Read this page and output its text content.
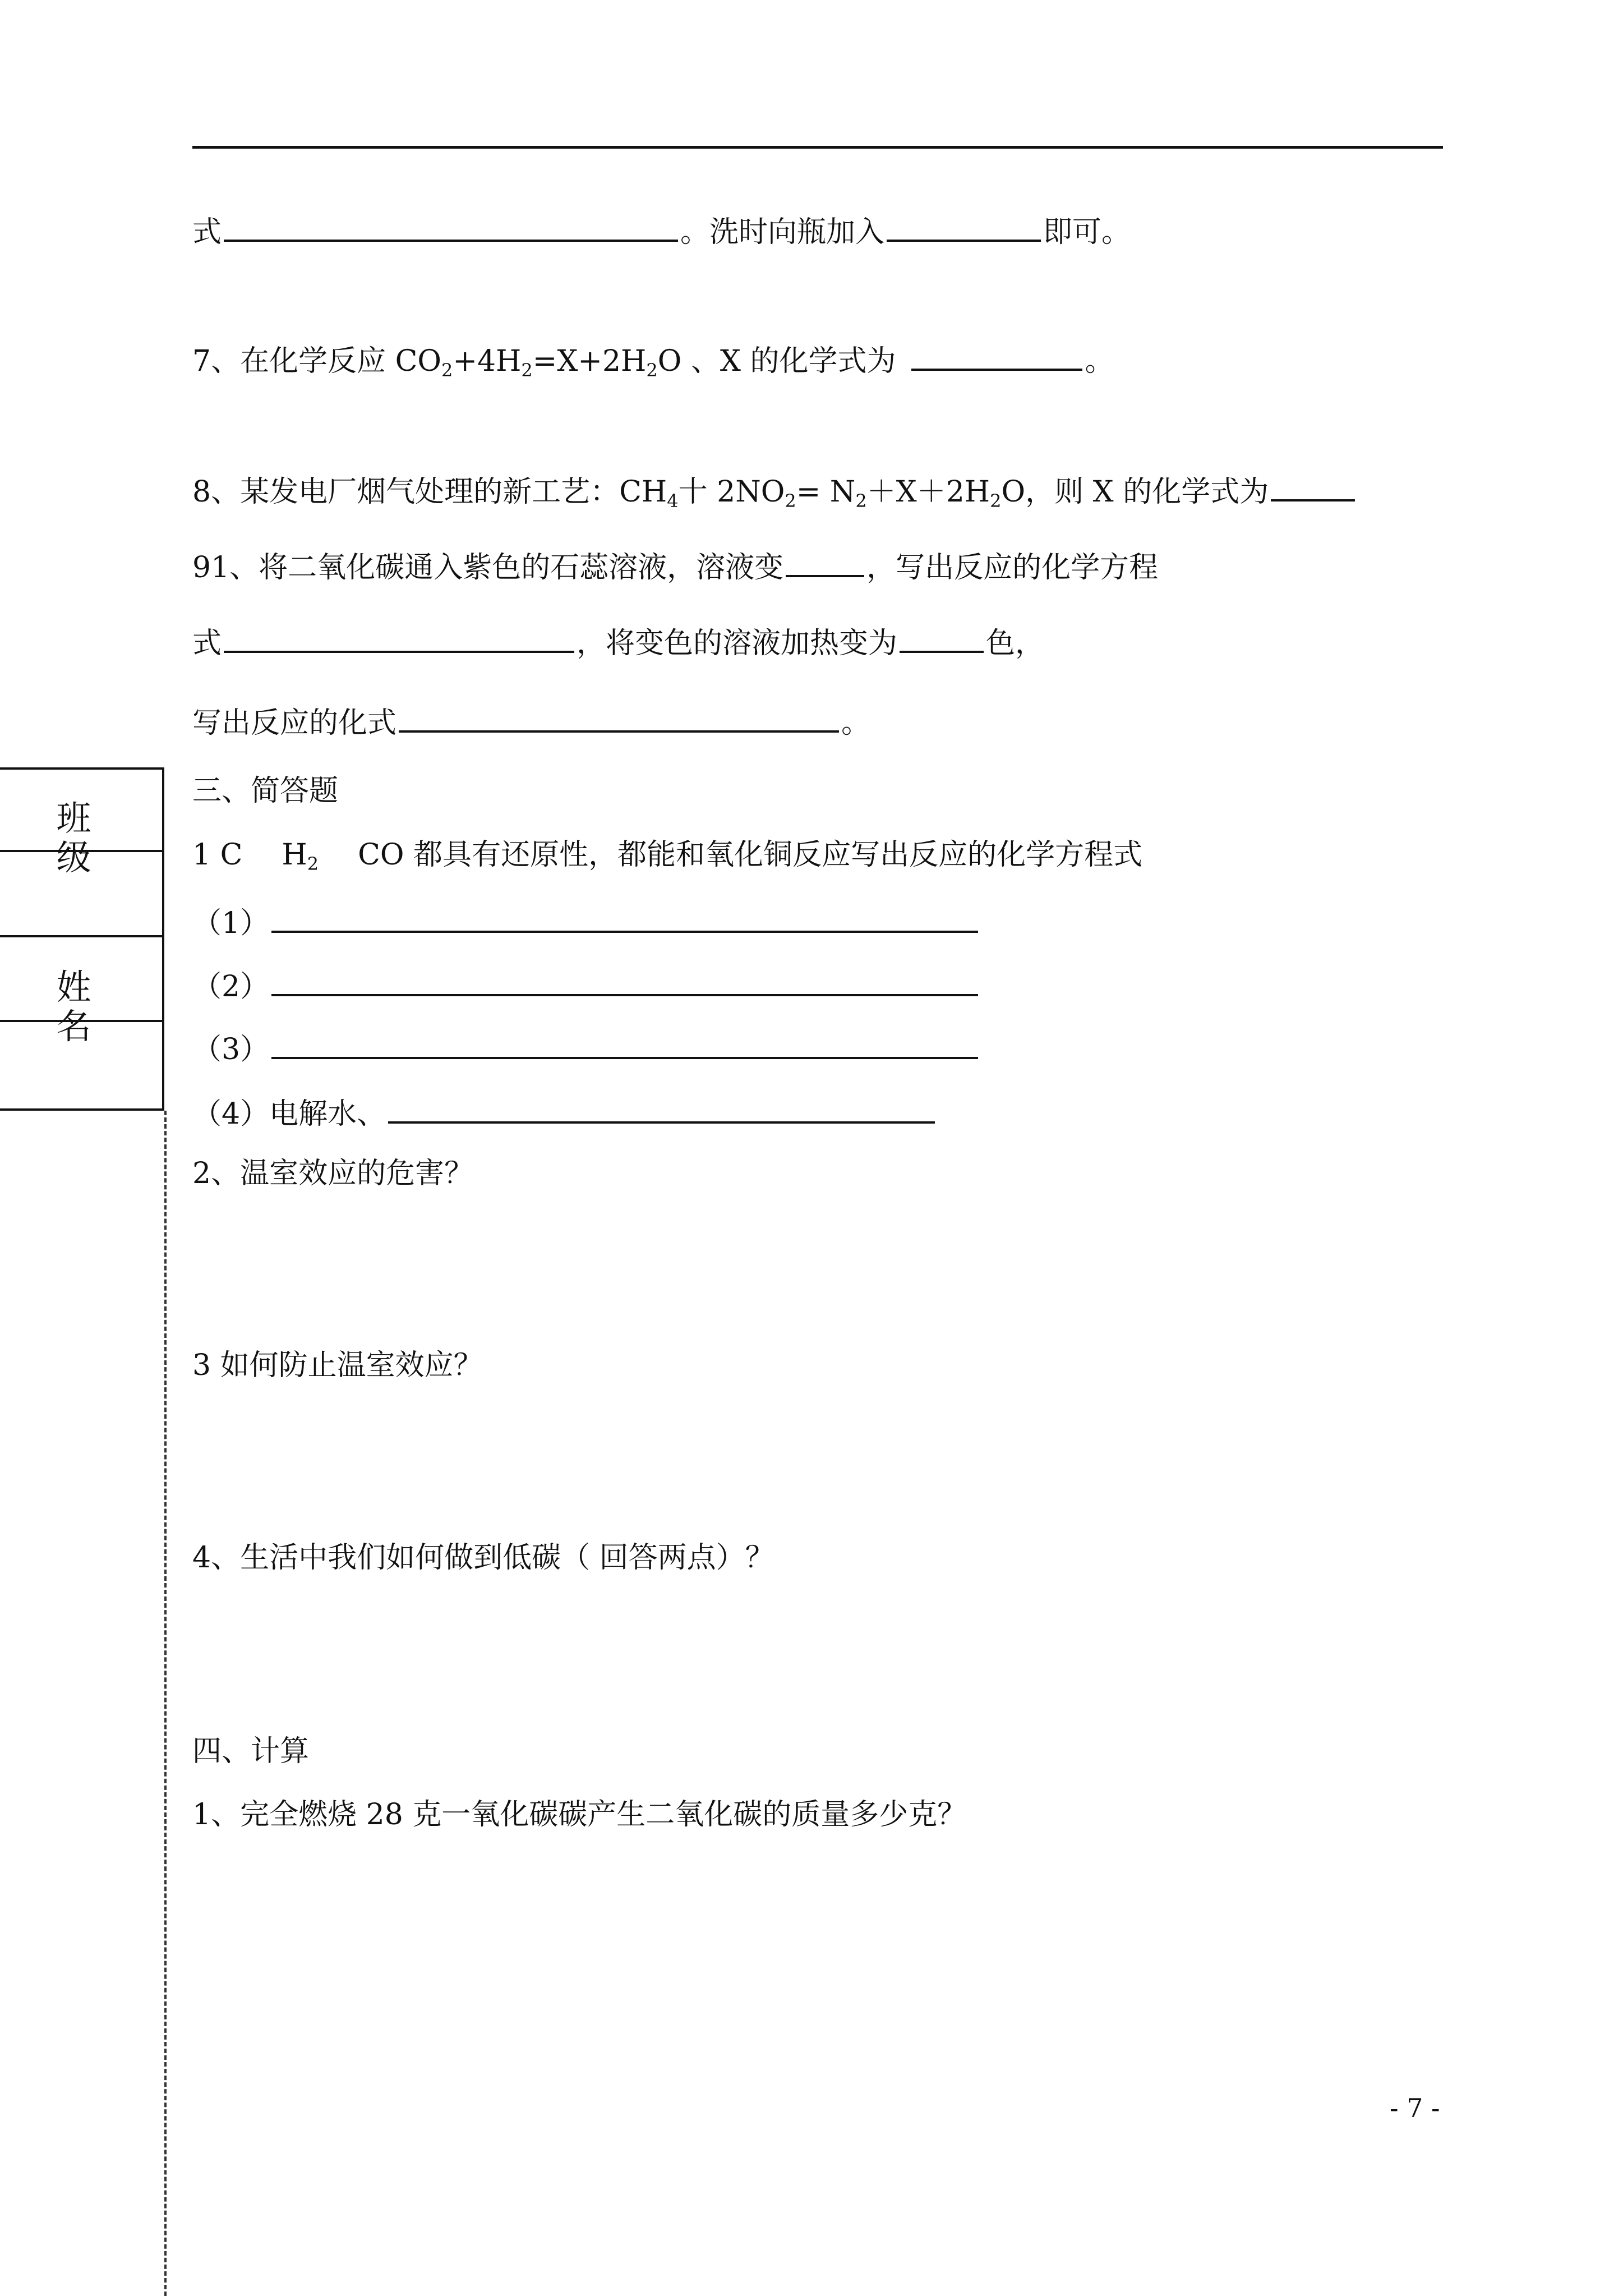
式	。洗时向瓶加入	即可。
7、在化学反应 $CO_2+4H_2=X+2H_2O$ 、X 的化学式为	。
8、某发电厂烟气处理的新工艺：$CH_4$十 $2NO_2= N_2+X+2H_2O$，则 X 的化学式为
91、将二氧化碳通入紫色的石蕊溶液，溶液变	，写出反应的化学方程
式	，将变色的溶液加热变为	色，
写出反应的化式	。
三、简答题
1 C $H_2$ CO 都具有还原性，都能和氧化铜反应写出反应的化学方程式
（1）
（2）
（3）
（4）电解水、
2、温室效应的危害？
3 如何防止温室效应？
4、生活中我们如何做到低碳（ 回答两点）？
四、计算
1、完全燃烧 28 克一氧化碳碳产生二氧化碳的质量多少克？
班 级
姓 名
- 7 -
